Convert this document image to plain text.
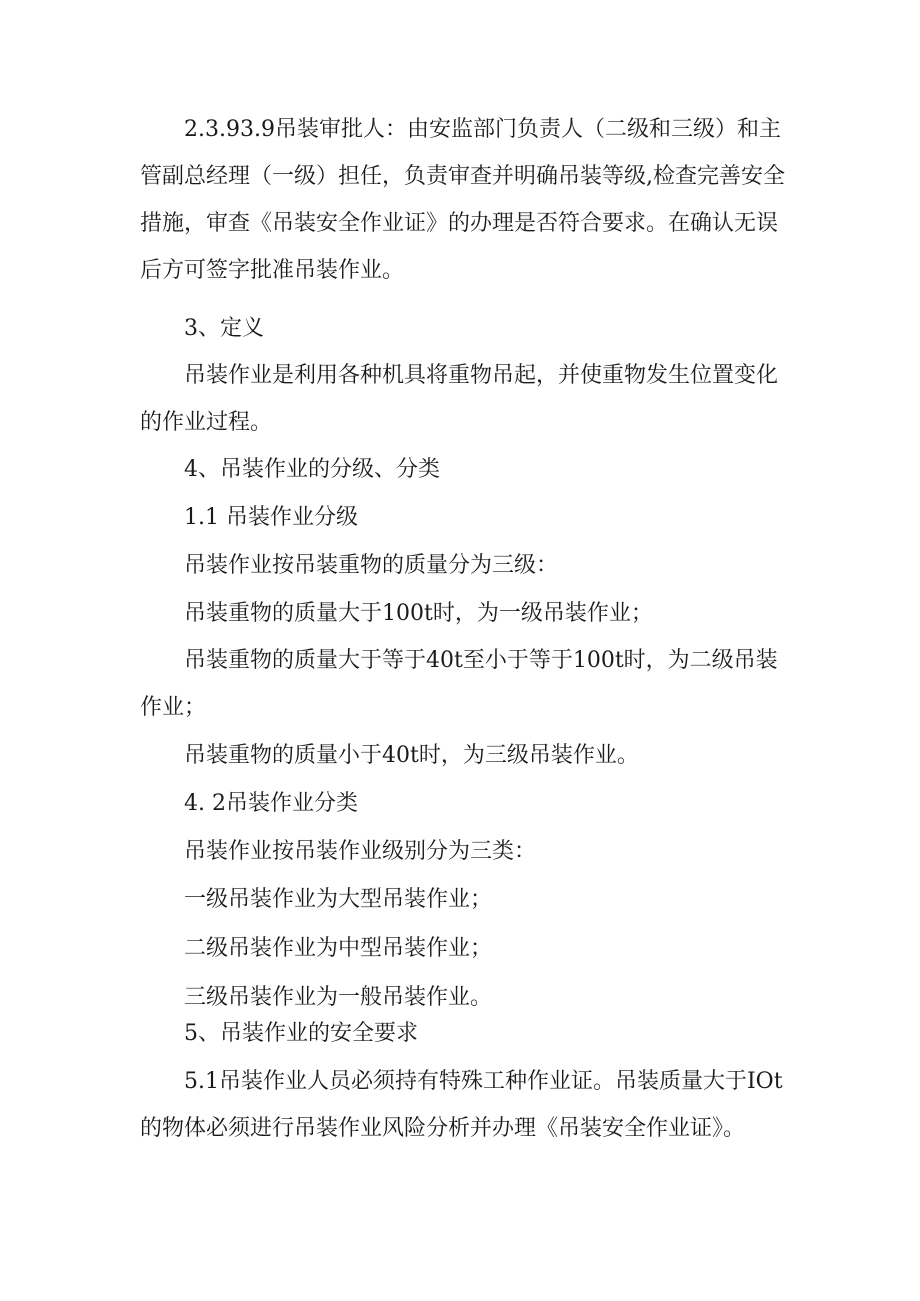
2.3.93.9吊装审批人：由安监部门负责人（二级和三级）和主管副总经理（一级）担任，负责审查并明确吊装等级,检查完善安全措施，审查《吊装安全作业证》的办理是否符合要求。在确认无误后方可签字批准吊装作业。

3、定义

吊装作业是利用各种机具将重物吊起，并使重物发生位置变化的作业过程。

4、吊装作业的分级、分类

1.1 吊装作业分级

吊装作业按吊装重物的质量分为三级：

吊装重物的质量大于100t时，为一级吊装作业；

吊装重物的质量大于等于40t至小于等于100t时，为二级吊装作业；

吊装重物的质量小于40t时，为三级吊装作业。

4. 2吊装作业分类

吊装作业按吊装作业级别分为三类：

一级吊装作业为大型吊装作业；

二级吊装作业为中型吊装作业；

三级吊装作业为一般吊装作业。

5、吊装作业的安全要求

5.1吊装作业人员必须持有特殊工种作业证。吊装质量大于IOt的物体必须进行吊装作业风险分析并办理《吊装安全作业证》。
